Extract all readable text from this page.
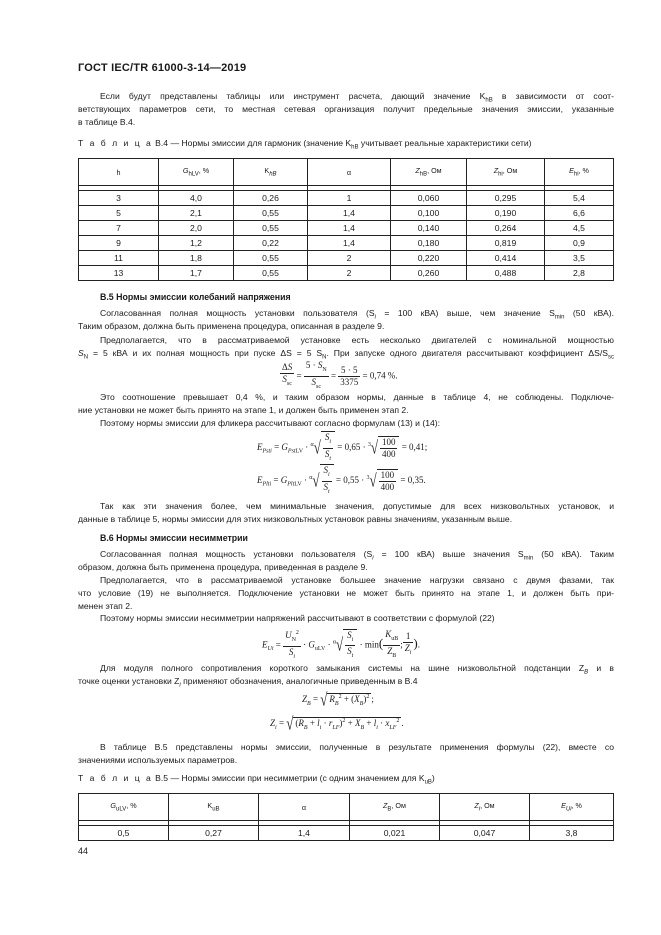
ГОСТ IEC/TR 61000-3-14—2019
Если будут представлены таблицы или инструмент расчета, дающий значение $K_{hB}$ в зависимости от соот-
ветствующих параметров сети, то местная сетевая организация получит предельные значения эмиссии, указанные
в таблице B.4.
Т а б л и ц а B.4 — Нормы эмиссии для гармоник (значение $K_{hB}$ учитывает реальные характеристики сети)
h	$G_{hLV}$, %	$K_{hB}$	α	$Z_{hB}$, Ом	$Z_{hi}$, Ом	$E_{hi}$, %

3	4,0	0,26	1	0,060	0,295	5,4
5	2,1	0,55	1,4	0,100	0,190	6,6
7	2,0	0,55	1,4	0,140	0,264	4,5
9	1,2	0,22	1,4	0,180	0,819	0,9
11	1,8	0,55	2	0,220	0,414	3,5
13	1,7	0,55	2	0,260	0,488	2,8
B.5 Нормы эмиссии колебаний напряжения
Согласованная полная мощность установки пользователя ($S_i = 100$ кВА) выше, чем значение $S_{min}$ (50 кВА).
Таким образом, должна быть применена процедура, описанная в разделе 9.
Предполагается, что в рассматриваемой установке есть несколько двигателей с номинальной мощностью
$S_N = 5$ кВА и их полная мощность при пуске ΔS = 5 $S_N$. При запуске одного двигателя рассчитывают коэффициент $\Delta S/S_{sc}$
$\frac{\Delta S}{S_{sc}} = \frac{5 \cdot S_N}{S_{sc}} = \frac{5 \cdot 5}{3375} = 0,74$ %.
Это соотношение превышает 0,4 %, и таким образом нормы, данные в таблице 4, не соблюдены. Подключе-
ние установки не может быть принято на этапе 1, и должен быть применен этап 2.
Поэтому нормы эмиссии для фликера рассчитывают согласно формулам (13) и (14):
$E_{Psti} = G_{PstLV} \cdot ^\alpha√ \frac{S_i}{S_t} = 0,65 \cdot ^3√ \frac{100}{400} = 0,41$;
$E_{Plti} = G_{PltLV} \cdot ^\alpha√ \frac{S_i}{S_t} = 0,55 \cdot ^3√ \frac{100}{400} = 0,35$.
Так как эти значения более, чем минимальные значения, допустимые для всех низковольтных установок, и
данные в таблице 5, нормы эмиссии для этих низковольтных установок равны значениям, указанным выше.
B.6 Нормы эмиссии несимметрии
Согласованная полная мощность установки пользователя ($S_i = 100$ кВА) выше значения $S_{min}$ (50 кВА). Таким
образом, должна быть применена процедура, приведенная в разделе 9.
Предполагается, что в рассматриваемой установке большее значение нагрузки связано с двумя фазами, так
что условие (19) не выполняется. Подключение установки не может быть принято на этапе 1, и должен быть при-
менен этап 2.
Поэтому нормы эмиссии несимметрии напряжений рассчитывают в соответствии с формулой (22)
$E_{Ui} = \frac{U_N^2}{S_i} \cdot G_{uLV} \cdot ^\alpha√ \frac{S_i}{S_t} \cdot \min( \frac{K_{uB}}{Z_B}$ ; $\frac{1}{Z_i}$ ).
Для модуля полного сопротивления короткого замыкания системы на шине низковольтной подстанции $Z_B$ и в
точке оценки установки $Z_i$ применяют обозначения, аналогичные приведенным в B.4
$Z_B$ = √ $R_B^2 + (X_B)^2$ ;
$Z_i$ = √ $(R_B + l_i \cdot r_{LF})^2 + X_B + l_i \cdot x_{LF}^2$ .
В таблице B.5 представлены нормы эмиссии, полученные в результате применения формулы (22), вместе со
значениями используемых параметров.
Т а б л и ц а B.5 — Нормы эмиссии при несимметрии (с одним значением для $K_{uB}$)
$G_{uLV}$, %	$K_{uB}$	α	$Z_B$, Ом	$Z_i$, Ом	$E_{Ui}$, %

0,5	0,27	1,4	0,021	0,047	3,8
44
